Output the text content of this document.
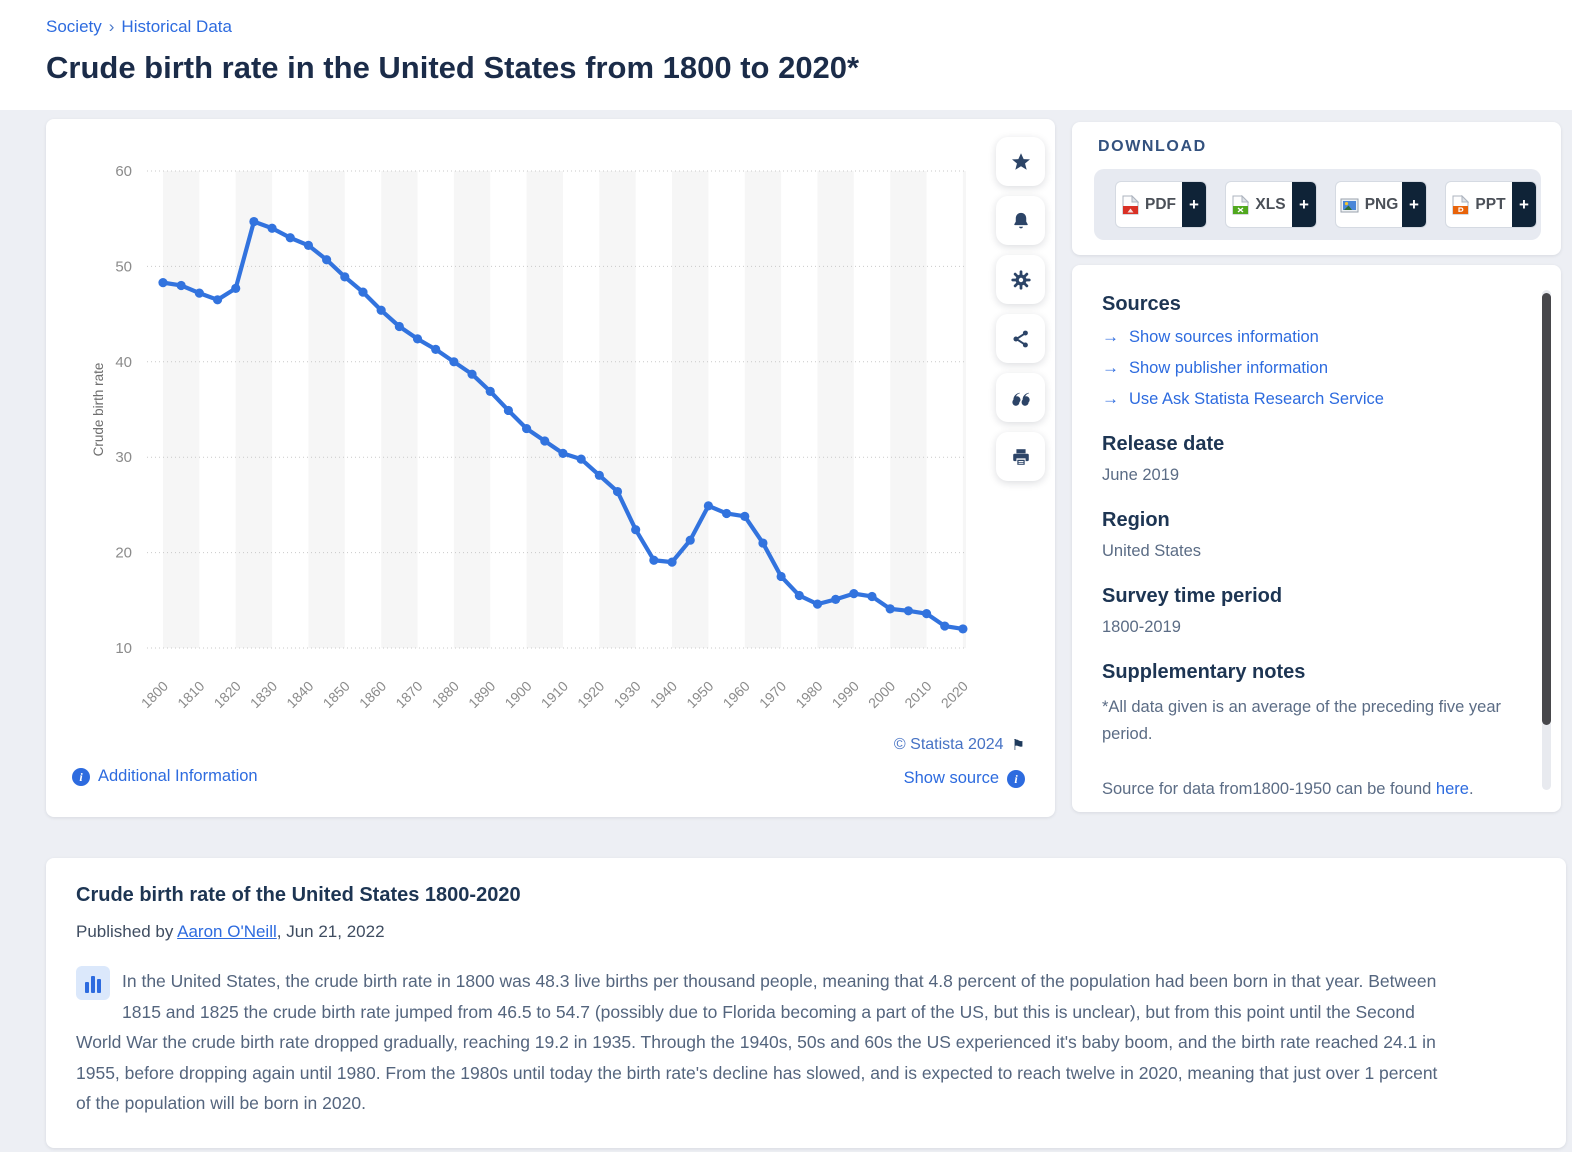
Society › Historical Data
Crude birth rate in the United States from 1800 to 2020*
10
20
30
40
50
60
1800 1810 1820 1830 1840 1850 1860 1870 1880 1890 1900 1910 1920 1930 1940 1950 1960 1970 1980 1990 2000 2010 2020
Crude birth rate
i Additional Information
© Statista 2024 ⚑
Show source	i
DOWNLOAD
PDF +	XLS +	PNG +	PPT +
Sources
→ Show sources information
→ Show publisher information
→ Use Ask Statista Research Service
Release date
June 2019
Region
United States
Survey time period
1800-2019
Supplementary notes
*All data given is an average of the preceding five year period.
Source for data from1800-1950 can be found here.
Crude birth rate of the United States 1800-2020
Published by Aaron O'Neill, Jun 21, 2022
In the United States, the crude birth rate in 1800 was 48.3 live births per thousand people, meaning that 4.8 percent of the population had been born in that year. Between 1815 and 1825 the crude birth rate jumped from 46.5 to 54.7 (possibly due to Florida becoming a part of the US, but this is unclear), but from this point until the Second World War the crude birth rate dropped gradually, reaching 19.2 in 1935. Through the 1940s, 50s and 60s the US experienced it's baby boom, and the birth rate reached 24.1 in 1955, before dropping again until 1980. From the 1980s until today the birth rate's decline has slowed, and is expected to reach twelve in 2020, meaning that just over 1 percent of the population will be born in 2020.
